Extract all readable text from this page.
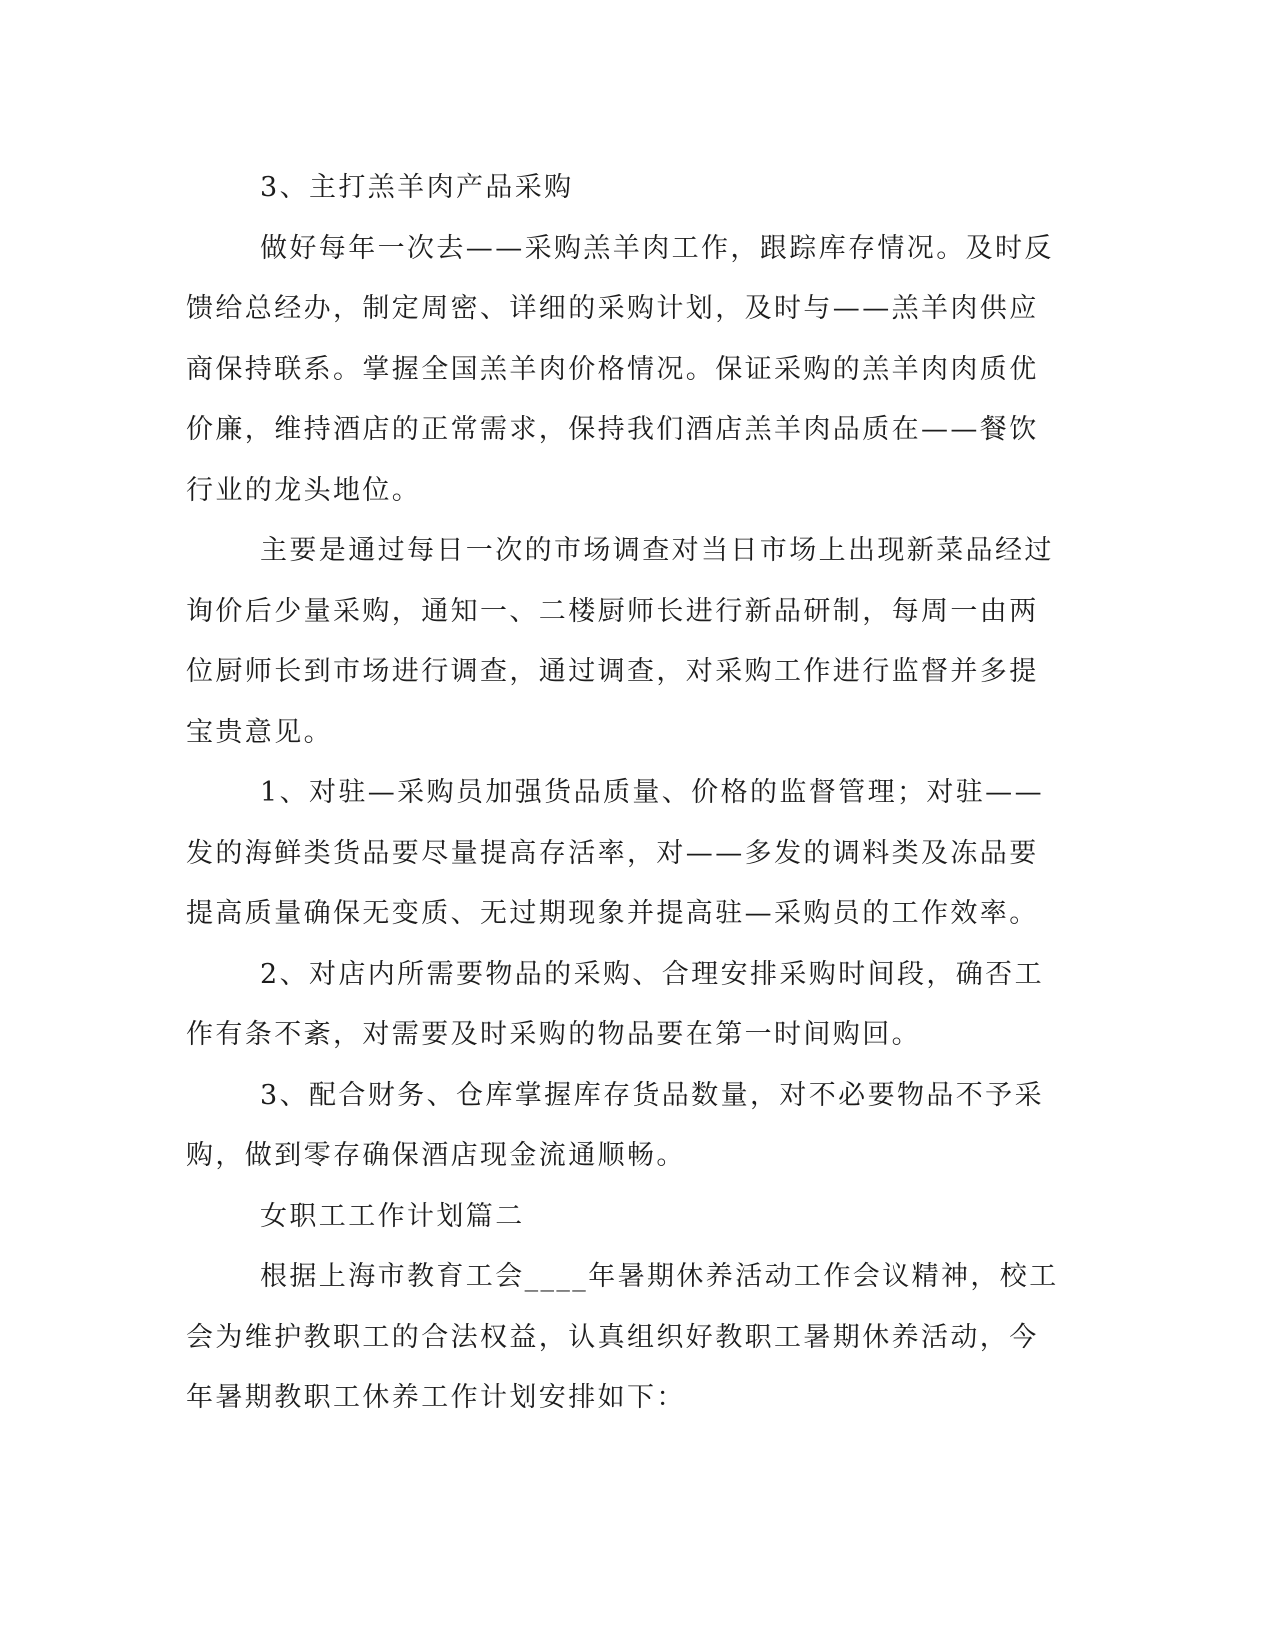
3、主打羔羊肉产品采购

做好每年一次去——采购羔羊肉工作，跟踪库存情况。及时反馈给总经办，制定周密、详细的采购计划，及时与——羔羊肉供应商保持联系。掌握全国羔羊肉价格情况。保证采购的羔羊肉肉质优价廉，维持酒店的正常需求，保持我们酒店羔羊肉品质在——餐饮行业的龙头地位。

主要是通过每日一次的市场调查对当日市场上出现新菜品经过询价后少量采购，通知一、二楼厨师长进行新品研制，每周一由两位厨师长到市场进行调查，通过调查，对采购工作进行监督并多提宝贵意见。

1、对驻—采购员加强货品质量、价格的监督管理；对驻——发的海鲜类货品要尽量提高存活率，对——多发的调料类及冻品要提高质量确保无变质、无过期现象并提高驻—采购员的工作效率。

2、对店内所需要物品的采购、合理安排采购时间段，确否工作有条不紊，对需要及时采购的物品要在第一时间购回。

3、配合财务、仓库掌握库存货品数量，对不必要物品不予采购，做到零存确保酒店现金流通顺畅。

女职工工作计划篇二

根据上海市教育工会____年暑期休养活动工作会议精神，校工会为维护教职工的合法权益，认真组织好教职工暑期休养活动，今年暑期教职工休养工作计划安排如下：
